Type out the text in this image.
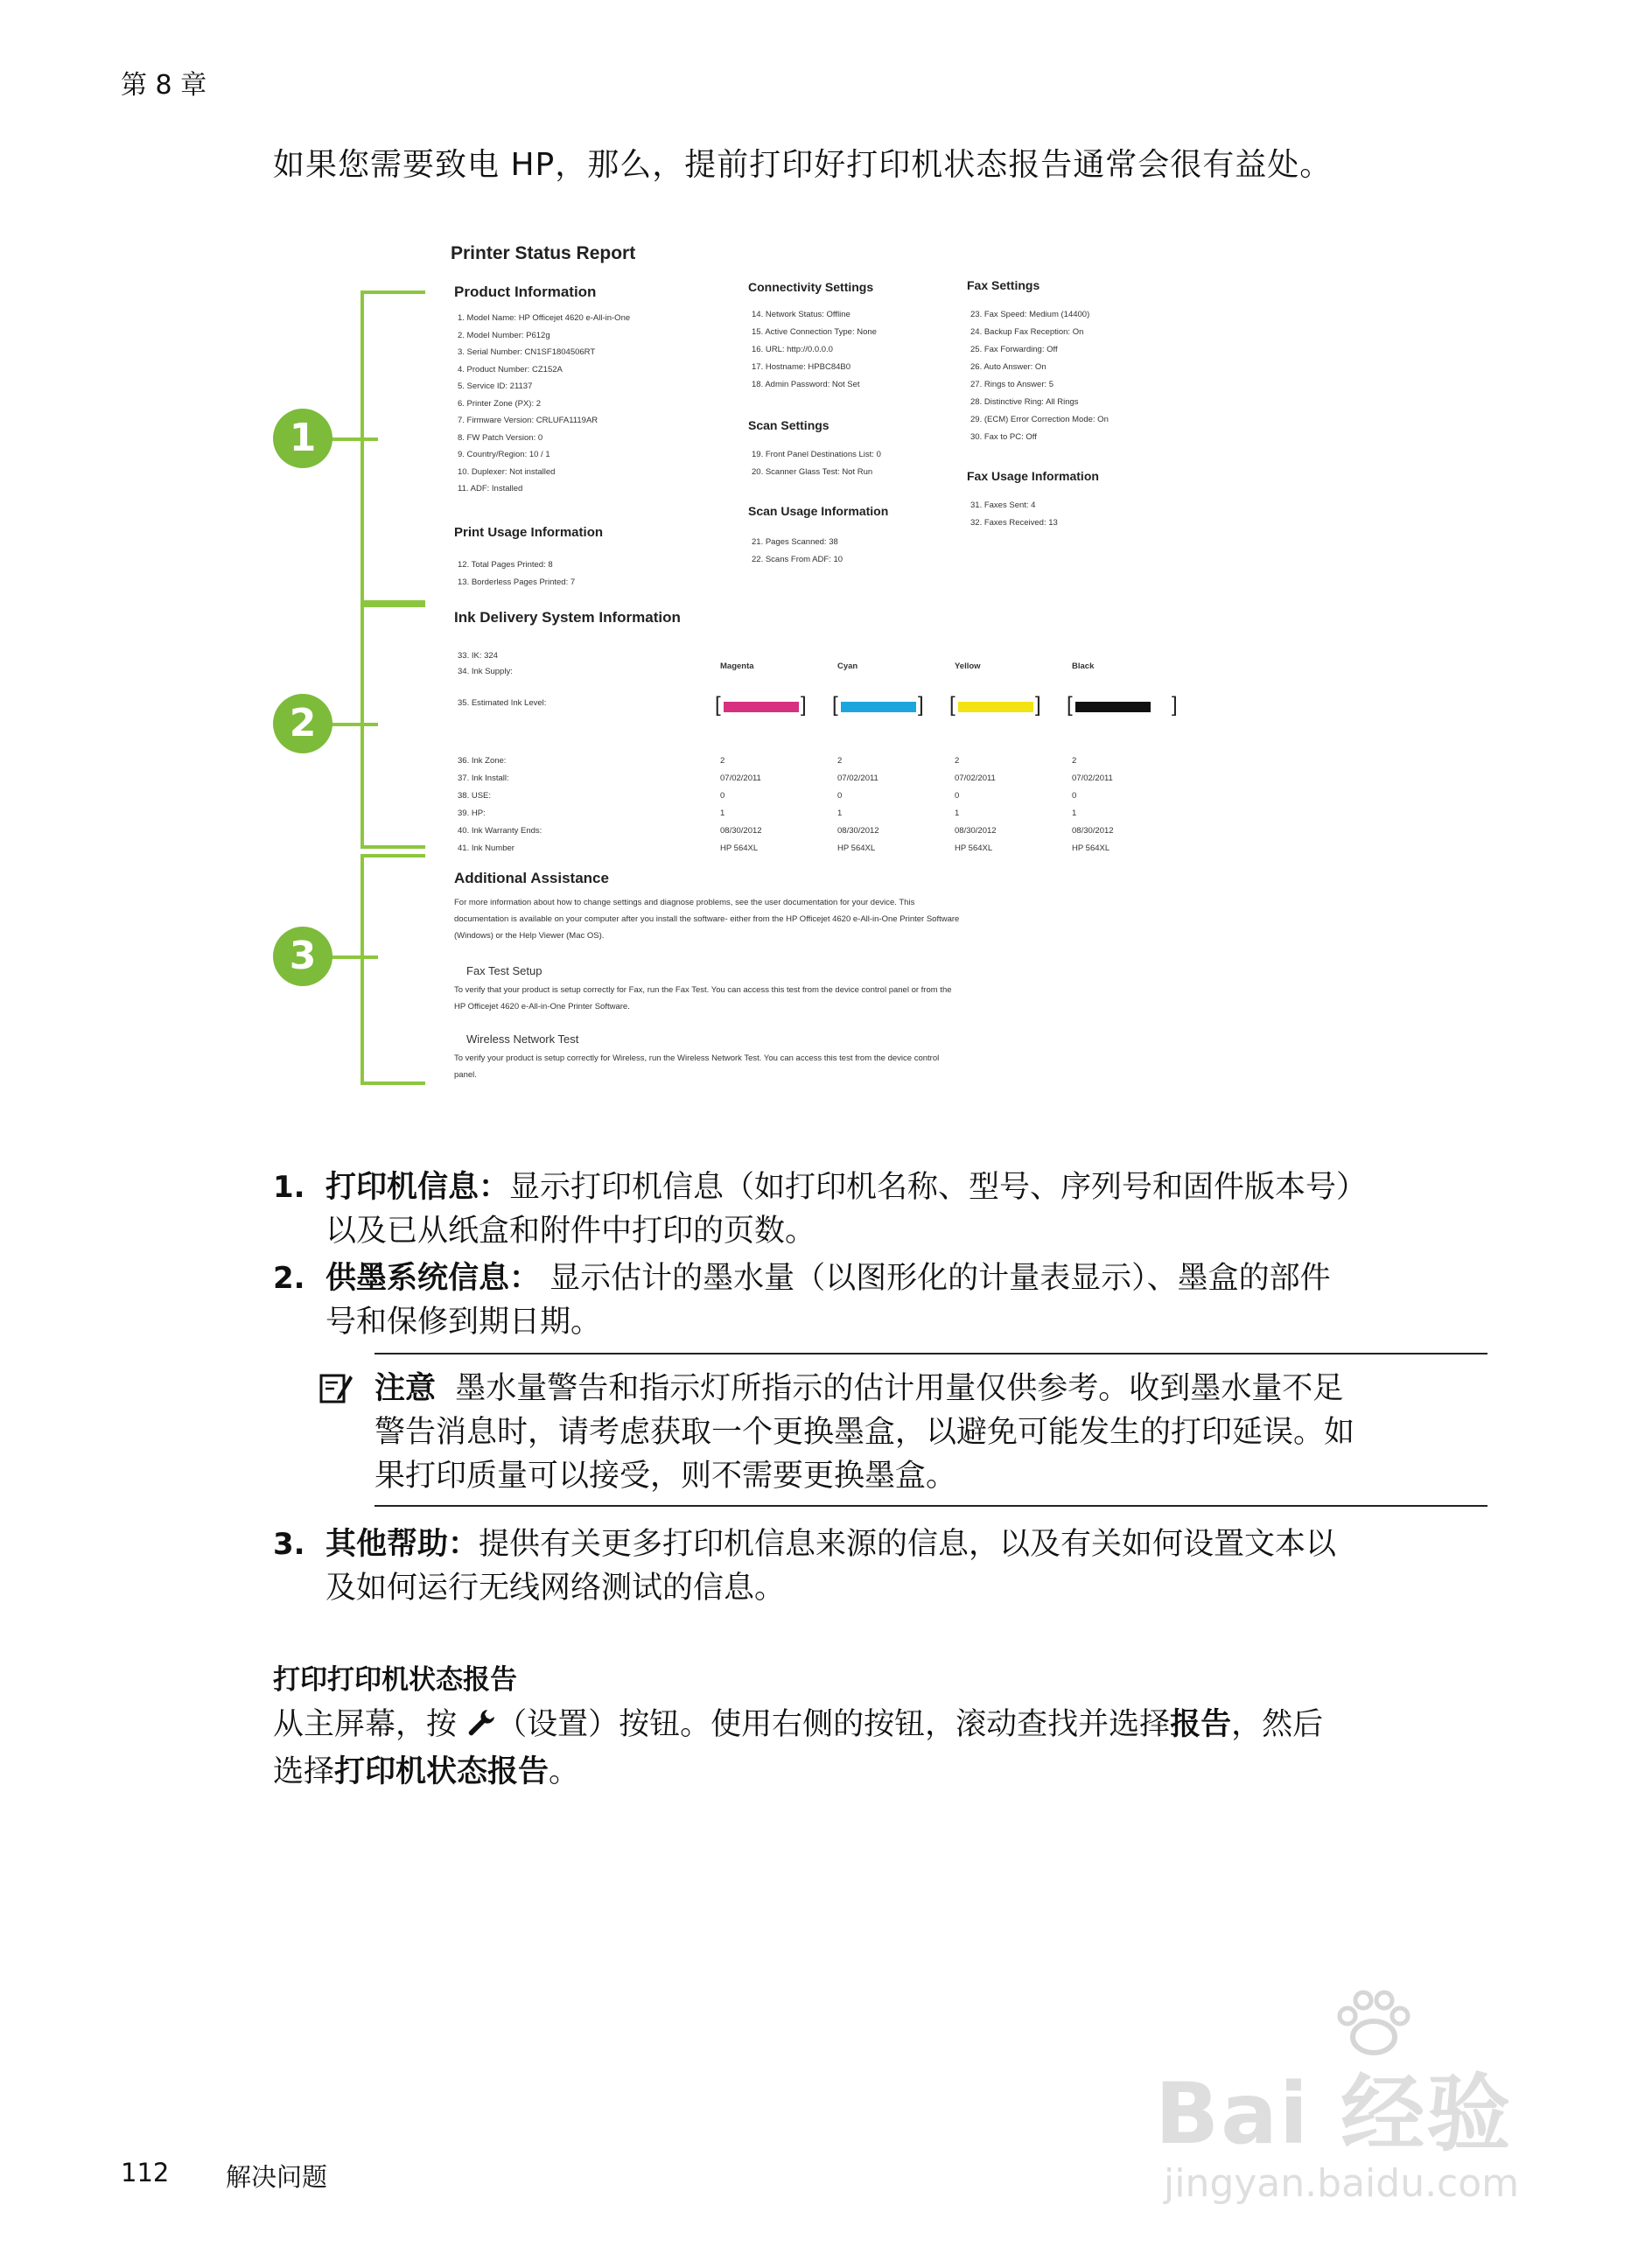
第 8 章
如果您需要致电 HP，那么，提前打印好打印机状态报告通常会很有益处。
Printer Status Report
Product Information
1. Model Name: HP Officejet 4620 e-All-in-One
2. Model Number: P612g
3. Serial Number: CN1SF1804506RT
4. Product Number: CZ152A
5. Service ID: 21137
6. Printer Zone (PX): 2
7. Firmware Version: CRLUFA1119AR
8. FW Patch Version: 0
9. Country/Region: 10 / 1
10. Duplexer: Not installed
11. ADF: Installed
Print Usage Information
12. Total Pages Printed: 8
13. Borderless Pages Printed: 7
Connectivity Settings
14. Network Status: Offline
15. Active Connection Type: None
16. URL: http://0.0.0.0
17. Hostname: HPBC84B0
18. Admin Password: Not Set
Scan Settings
19. Front Panel Destinations List: 0
20. Scanner Glass Test: Not Run
Scan Usage Information
21. Pages Scanned: 38
22. Scans From ADF: 10
Fax Settings
23. Fax Speed: Medium (14400)
24. Backup Fax Reception: On
25. Fax Forwarding: Off
26. Auto Answer: On
27. Rings to Answer: 5
28. Distinctive Ring: All Rings
29. (ECM) Error Correction Mode: On
30. Fax to PC: Off
Fax Usage Information
31. Faxes Sent: 4
32. Faxes Received: 13
Ink Delivery System Information
33. IK: 324
34. Ink Supply:
35. Estimated Ink Level:
Magenta
[	]
Cyan
[	]
Yellow
[	]
Black
[	]
36. Ink Zone:	2	2	2	2
37. Ink Install:	07/02/2011	07/02/2011	07/02/2011	07/02/2011
38. USE:	0	0	0	0
39. HP:	1	1	1	1
40. Ink Warranty Ends:	08/30/2012	08/30/2012	08/30/2012	08/30/2012
41. Ink Number	HP 564XL	HP 564XL	HP 564XL	HP 564XL
Additional Assistance
For more information about how to change settings and diagnose problems, see the user documentation for your device. This
documentation is available on your computer after you install the software- either from the HP Officejet 4620 e-All-in-One Printer Software
(Windows) or the Help Viewer (Mac OS).
Fax Test Setup
To verify that your product is setup correctly for Fax, run the Fax Test. You can access this test from the device control panel or from the
HP Officejet 4620 e-All-in-One Printer Software.
Wireless Network Test
To verify your product is setup correctly for Wireless, run the Wireless Network Test. You can access this test from the device control
panel.
1
2
3
1. 打印机信息：显示打印机信息（如打印机名称、型号、序列号和固件版本号）
以及已从纸盒和附件中打印的页数。
2. 供墨系统信息： 显示估计的墨水量（以图形化的计量表显示）、墨盒的部件
号和保修到期日期。
注意 墨水量警告和指示灯所指示的估计用量仅供参考。收到墨水量不足
警告消息时，请考虑获取一个更换墨盒，以避免可能发生的打印延误。如
果打印质量可以接受，则不需要更换墨盒。
3. 其他帮助：提供有关更多打印机信息来源的信息，以及有关如何设置文本以
及如何运行无线网络测试的信息。
打印打印机状态报告
从主屏幕，按 （设置）按钮。使用右侧的按钮，滚动查找并选择报告，然后
选择打印机状态报告。
112 解决问题
Bai 经验
jingyan.baidu.com
